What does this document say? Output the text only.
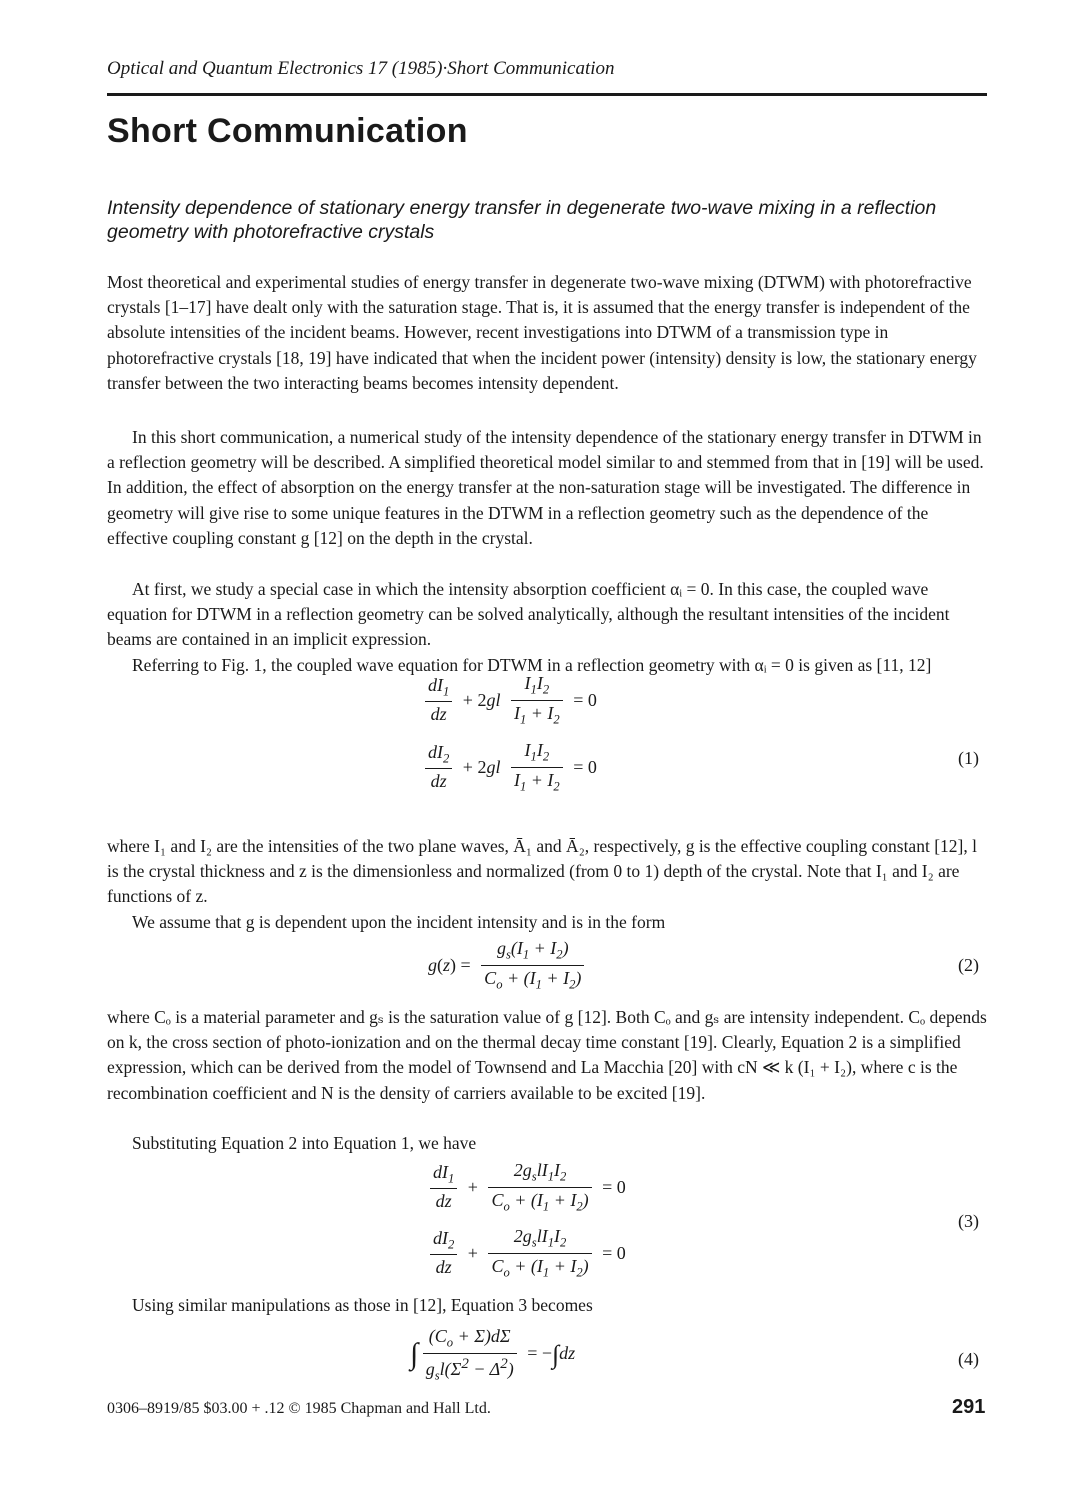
Optical and Quantum Electronics 17 (1985)·Short Communication
Short Communication
Intensity dependence of stationary energy transfer in degenerate two-wave mixing in a reflection geometry with photorefractive crystals

Most theoretical and experimental studies of energy transfer in degenerate two-wave mixing (DTWM) with photorefractive crystals [1–17] have dealt only with the saturation stage. That is, it is assumed that the energy transfer is independent of the absolute intensities of the incident beams. However, recent investigations into DTWM of a transmission type in photorefractive crystals [18, 19] have indicated that when the incident power (intensity) density is low, the stationary energy transfer between the two interacting beams becomes intensity dependent.

In this short communication, a numerical study of the intensity dependence of the stationary energy transfer in DTWM in a reflection geometry will be described. A simplified theoretical model similar to and stemmed from that in [19] will be used. In addition, the effect of absorption on the energy transfer at the non-saturation stage will be investigated. The difference in geometry will give rise to some unique features in the DTWM in a reflection geometry such as the dependence of the effective coupling constant g [12] on the depth in the crystal.

At first, we study a special case in which the intensity absorption coefficient αᵢ = 0. In this case, the coupled wave equation for DTWM in a reflection geometry can be solved analytically, although the resultant intensities of the incident beams are contained in an implicit expression.

Referring to Fig. 1, the coupled wave equation for DTWM in a reflection geometry with αᵢ = 0 is given as [11, 12]

$\frac{dI_1}{dz} + 2gl \frac{I_1I_2}{I_1 + I_2} = 0$
$\frac{dI_2}{dz} + 2gl \frac{I_1I_2}{I_1 + I_2} = 0$	(1)

where I₁ and I₂ are the intensities of the two plane waves, Ā₁ and Ā₂, respectively, g is the effective coupling constant [12], l is the crystal thickness and z is the dimensionless and normalized (from 0 to 1) depth of the crystal. Note that I₁ and I₂ are functions of z.

We assume that g is dependent upon the incident intensity and is in the form

$g(z) = \frac{g_s(I_1 + I_2)}{C_o + (I_1 + I_2)}$	(2)

where Cₒ is a material parameter and gₛ is the saturation value of g [12]. Both Cₒ and gₛ are intensity independent. Cₒ depends on k, the cross section of photo-ionization and on the thermal decay time constant [19]. Clearly, Equation 2 is a simplified expression, which can be derived from the model of Townsend and La Macchia [20] with cN ≪ k (I₁ + I₂), where c is the recombination coefficient and N is the density of carriers available to be excited [19].

Substituting Equation 2 into Equation 1, we have

$\frac{dI_1}{dz} + \frac{2g_slI_1I_2}{C_o + (I_1 + I_2)} = 0$
$\frac{dI_2}{dz} + \frac{2g_slI_1I_2}{C_o + (I_1 + I_2)} = 0$
(3)

Using similar manipulations as those in [12], Equation 3 becomes

∫ $\frac{(C_o + \Sigma)d\Sigma}{g_sl(\Sigma^2 - \Delta^2)} = -\int dz$	(4)
0306–8919/85 $03.00 + .12 © 1985 Chapman and Hall Ltd.	291
